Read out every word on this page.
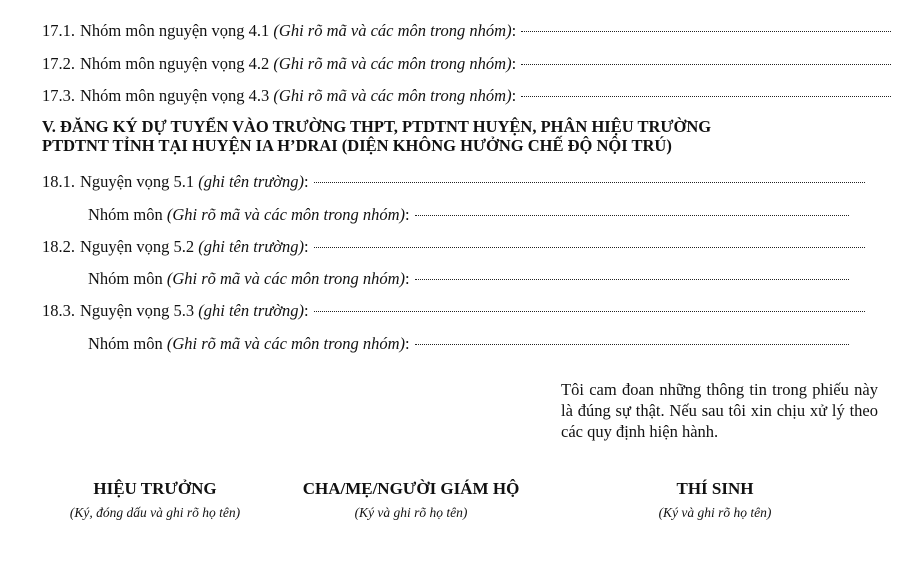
17.1. Nhóm môn nguyện vọng 4.1
(Ghi rõ mã và các môn trong nhóm) :
17.2. Nhóm môn nguyện vọng 4.2
(Ghi rõ mã và các môn trong nhóm) :
17.3. Nhóm môn nguyện vọng 4.3
(Ghi rõ mã và các môn trong nhóm) :
V. ĐĂNG KÝ DỰ TUYỂN VÀO TRƯỜNG THPT, PTDTNT HUYỆN, PHÂN HIỆU TRƯỜNG
PTDTNT TỈNH TẠI HUYỆN IA H’DRAI (DIỆN KHÔNG HƯỞNG CHẾ ĐỘ NỘI TRÚ)
18.1. Nguyện vọng 5.1
(ghi tên trường) :
Nhóm môn
(Ghi rõ mã và các môn trong nhóm) :
18.2. Nguyện vọng 5.2
(ghi tên trường) :
Nhóm môn
(Ghi rõ mã và các môn trong nhóm) :
18.3. Nguyện vọng 5.3
(ghi tên trường) :
Nhóm môn
(Ghi rõ mã và các môn trong nhóm) :
Tôi cam đoan những thông tin trong phiếu này là đúng sự thật. Nếu sau tôi xin chịu xử lý theo các quy định hiện hành.
HIỆU TRƯỞNG
(Ký, đóng dấu và ghi rõ họ tên)
CHA/MẸ/NGƯỜI GIÁM HỘ
(Ký và ghi rõ họ tên)
THÍ SINH
(Ký và ghi rõ họ tên)
